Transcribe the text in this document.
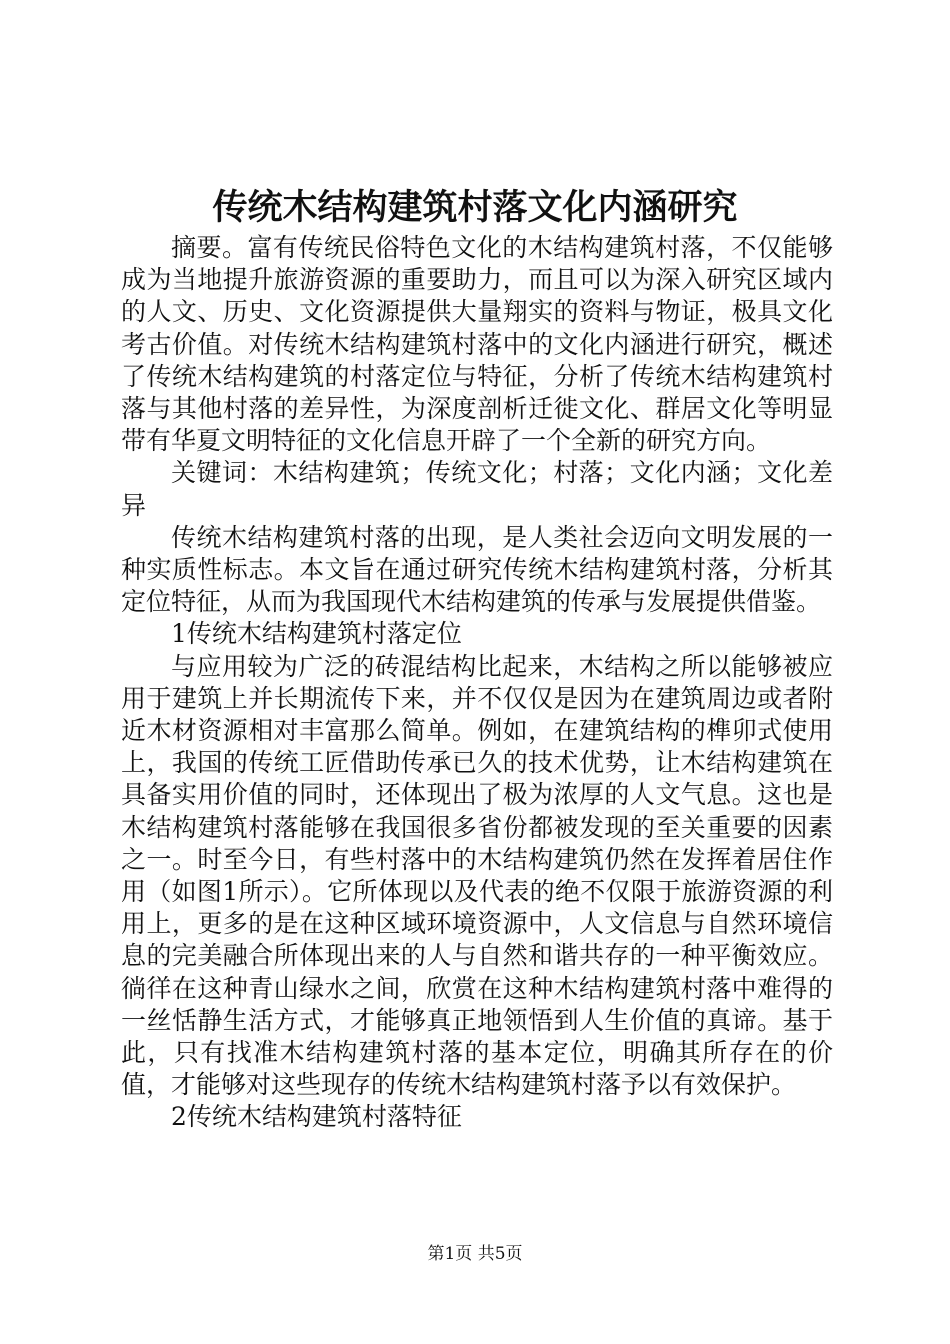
传统木结构建筑村落文化内涵研究

摘要。富有传统民俗特色文化的木结构建筑村落，不仅能够成为当地提升旅游资源的重要助力，而且可以为深入研究区域内的人文、历史、文化资源提供大量翔实的资料与物证，极具文化考古价值。对传统木结构建筑村落中的文化内涵进行研究，概述了传统木结构建筑的村落定位与特征，分析了传统木结构建筑村落与其他村落的差异性，为深度剖析迁徙文化、群居文化等明显带有华夏文明特征的文化信息开辟了一个全新的研究方向。

关键词：木结构建筑；传统文化；村落；文化内涵；文化差异

传统木结构建筑村落的出现，是人类社会迈向文明发展的一种实质性标志。本文旨在通过研究传统木结构建筑村落，分析其定位特征，从而为我国现代木结构建筑的传承与发展提供借鉴。

1传统木结构建筑村落定位

与应用较为广泛的砖混结构比起来，木结构之所以能够被应用于建筑上并长期流传下来，并不仅仅是因为在建筑周边或者附近木材资源相对丰富那么简单。例如，在建筑结构的榫卯式使用上，我国的传统工匠借助传承已久的技术优势，让木结构建筑在具备实用价值的同时，还体现出了极为浓厚的人文气息。这也是木结构建筑村落能够在我国很多省份都被发现的至关重要的因素之一。时至今日，有些村落中的木结构建筑仍然在发挥着居住作用（如图1所示）。它所体现以及代表的绝不仅限于旅游资源的利用上，更多的是在这种区域环境资源中，人文信息与自然环境信息的完美融合所体现出来的人与自然和谐共存的一种平衡效应。徜徉在这种青山绿水之间，欣赏在这种木结构建筑村落中难得的一丝恬静生活方式，才能够真正地领悟到人生价值的真谛。基于此，只有找准木结构建筑村落的基本定位，明确其所存在的价值，才能够对这些现存的传统木结构建筑村落予以有效保护。

2传统木结构建筑村落特征

第1页 共5页
